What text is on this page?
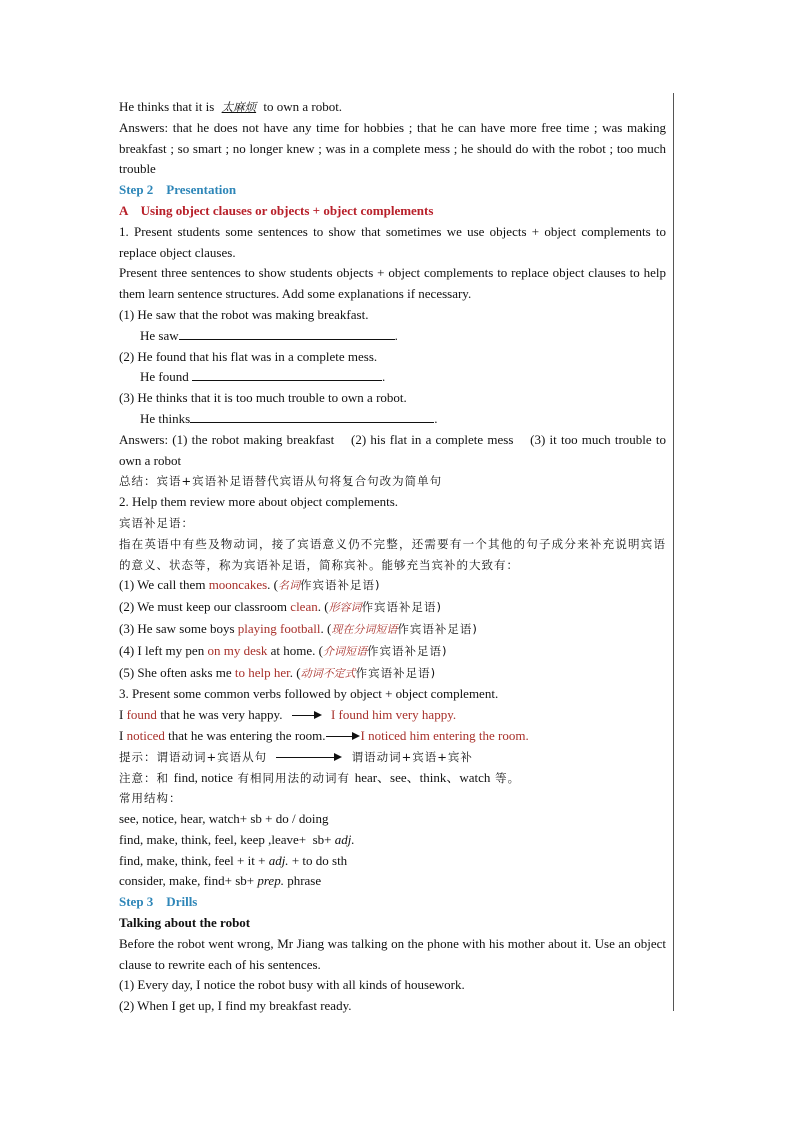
He thinks that it is 太麻烦 to own a robot.

Answers: that he does not have any time for hobbies ; that he can have more free time ; was making breakfast ; so smart ; no longer knew ; was in a complete mess ; he should do with the robot ; too much trouble

Step 2    Presentation

A    Using object clauses or objects + object complements

1. Present students some sentences to show that sometimes we use objects + object complements to replace object clauses.

Present three sentences to show students objects + object complements to replace object clauses to help them learn sentence structures. Add some explanations if necessary.

(1) He saw that the robot was making breakfast.

He saw	.

(2) He found that his flat was in a complete mess.

He found	.

(3) He thinks that it is too much trouble to own a robot.

He thinks	.

Answers: (1) the robot making breakfast    (2) his flat in a complete mess    (3) it too much trouble to own a robot

总结：宾语+宾语补足语替代宾语从句将复合句改为简单句

2. Help them review more about object complements.

宾语补足语：

指在英语中有些及物动词，接了宾语意义仍不完整，还需要有一个其他的句子成分来补充说明宾语的意义、状态等，称为宾语补足语，简称宾补。能够充当宾补的大致有：

(1) We call them mooncakes. (名词作宾语补足语)

(2) We must keep our classroom clean. (形容词作宾语补足语)

(3) He saw some boys playing football. (现在分词短语作宾语补足语)

(4) I left my pen on my desk at home. (介词短语作宾语补足语)

(5) She often asks me to help her. (动词不定式作宾语补足语)

3. Present some common verbs followed by object + object complement.

I found that he was very happy.	I found him very happy.

I noticed that he was entering the room.	I noticed him entering the room.

提示：谓语动词+宾语从句	谓语动词+宾语+宾补

注意：和 find, notice 有相同用法的动词有 hear、see、think、watch 等。

常用结构：

see, notice, hear, watch+ sb + do / doing

find, make, think, feel, keep ,leave+  sb+ adj.

find, make, think, feel + it + adj. + to do sth

consider, make, find+ sb+ prep. phrase

Step 3    Drills

Talking about the robot

Before the robot went wrong, Mr Jiang was talking on the phone with his mother about it. Use an object clause to rewrite each of his sentences.

(1) Every day, I notice the robot busy with all kinds of housework.

(2) When I get up, I find my breakfast ready.
